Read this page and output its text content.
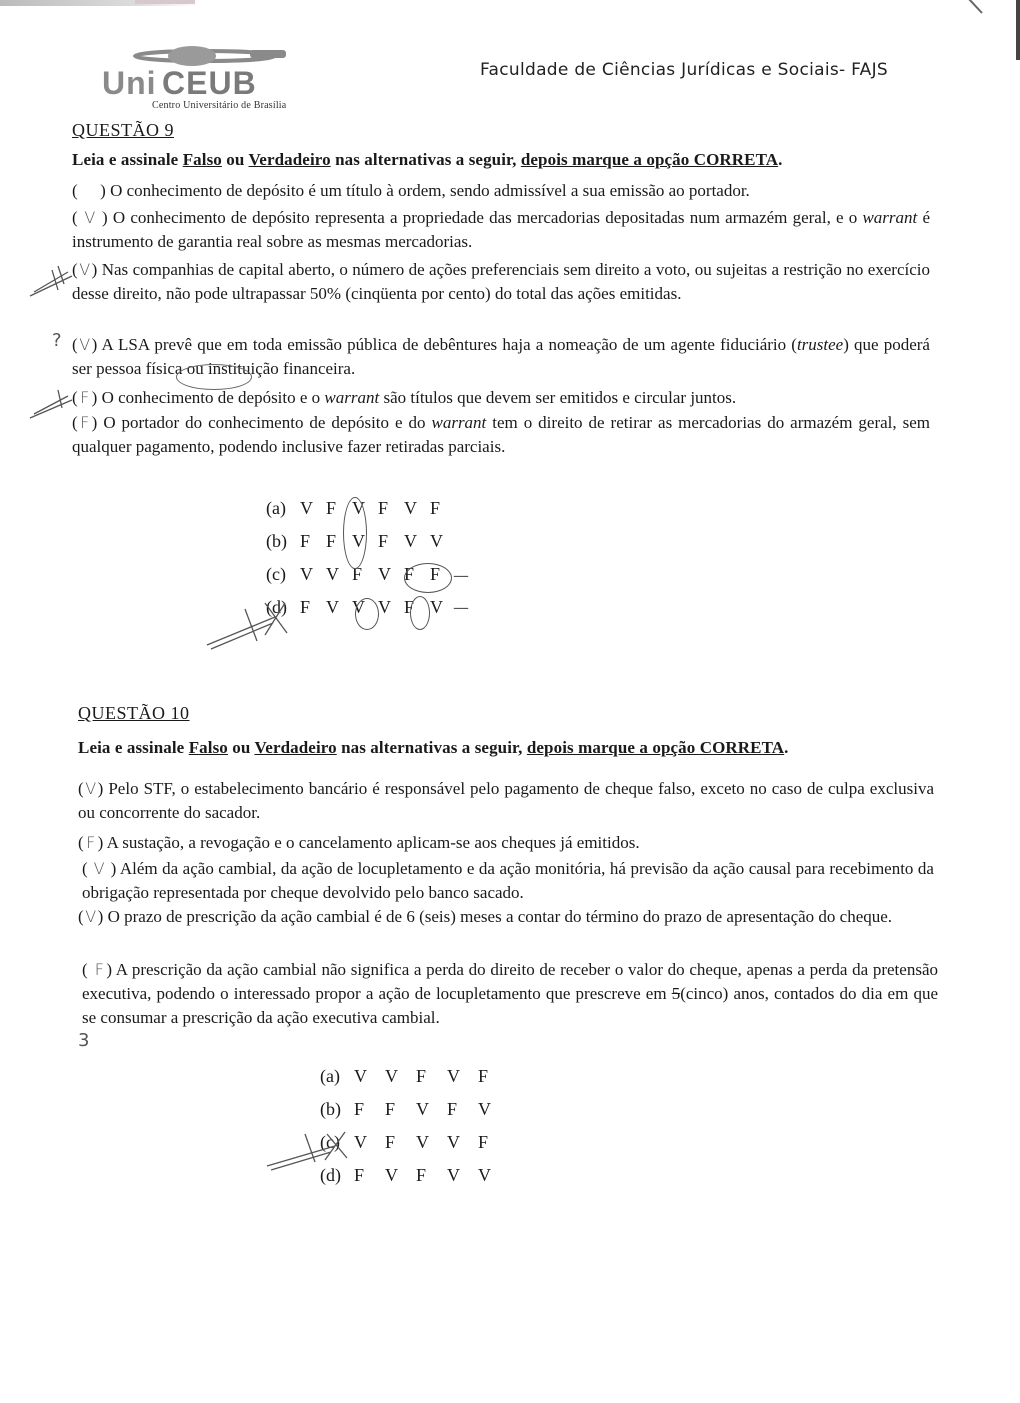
Uni CEUB
Centro Universitário de Brasília
Faculdade de Ciências Jurídicas e Sociais- FAJS
QUESTÃO 9
Leia e assinale Falso ou Verdadeiro nas alternativas a seguir, depois marque a opção CORRETA.
(  ) O conhecimento de depósito é um título à ordem, sendo admissível a sua emissão ao portador.
( V ) O conhecimento de depósito representa a propriedade das mercadorias depositadas num armazém geral, e o warrant é instrumento de garantia real sobre as mesmas mercadorias.
(V) Nas companhias de capital aberto, o número de ações preferenciais sem direito a voto, ou sujeitas a restrição no exercício desse direito, não pode ultrapassar 50% (cinqüenta por cento) do total das ações emitidas.
(V) A LSA prevê que em toda emissão pública de debêntures haja a nomeação de um agente fiduciário (trustee) que poderá ser pessoa física ou instituição financeira.
( F ) O conhecimento de depósito e o warrant são títulos que devem ser emitidos e circular juntos.
( F ) O portador do conhecimento de depósito e do warrant tem o direito de retirar as mercadorias do armazém geral, sem qualquer pagamento, podendo inclusive fazer retiradas parciais.
?
(a) V F V F V F
(b) F F V F V V
(c) V V F V F F
(d) F V V V F V
—
—
QUESTÃO 10
Leia e assinale Falso ou Verdadeiro nas alternativas a seguir, depois marque a opção CORRETA.
(V) Pelo STF, o estabelecimento bancário é responsável pelo pagamento de cheque falso, exceto no caso de culpa exclusiva ou concorrente do sacador.
( F ) A sustação, a revogação e o cancelamento aplicam-se aos cheques já emitidos.
( V ) Além da ação cambial, da ação de locupletamento e da ação monitória, há previsão da ação causal para recebimento da obrigação representada por cheque devolvido pelo banco sacado.
(V) O prazo de prescrição da ação cambial é de 6 (seis) meses a contar do término do prazo de apresentação do cheque.
( F ) A prescrição da ação cambial não significa a perda do direito de receber o valor do cheque, apenas a perda da pretensão executiva, podendo o interessado propor a ação de locupletamento que prescreve em 5(cinco) anos, contados do dia em que se consumar a prescrição da ação executiva cambial.
3
(a) V V F V F
(b) F F V F V
(c) V F V V F
(d) F V F V V
